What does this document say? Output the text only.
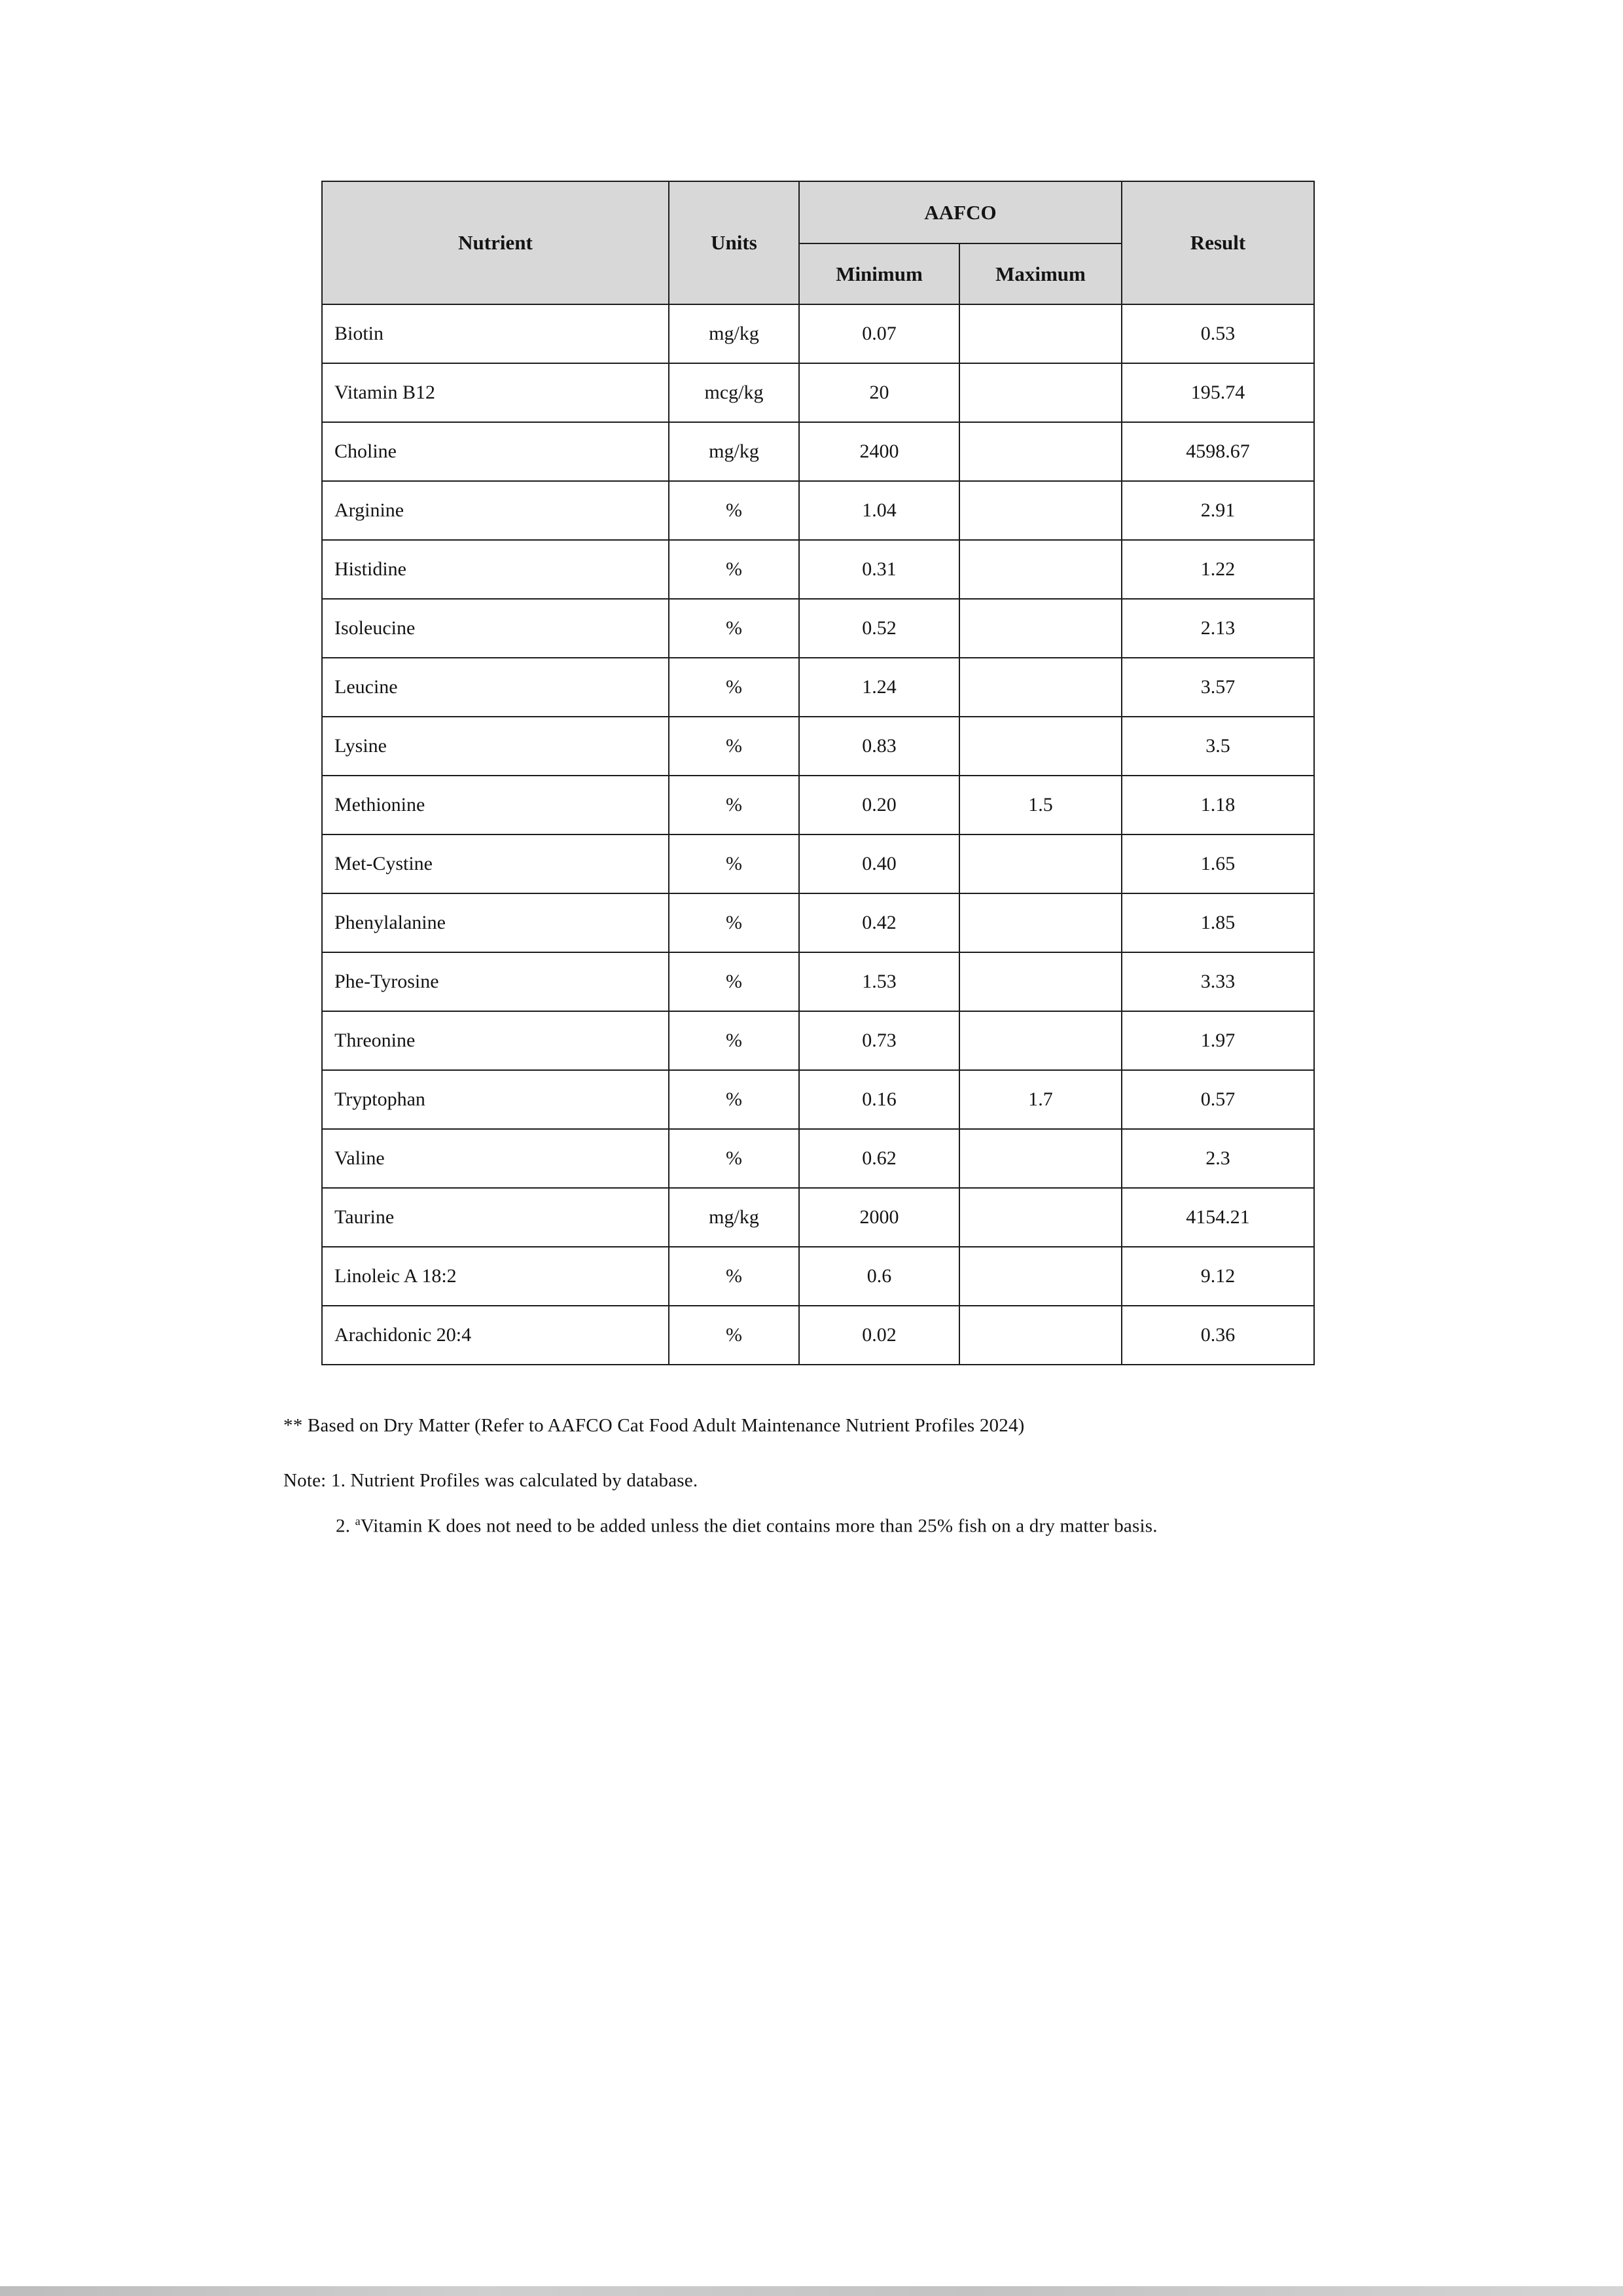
Nutrient	Units	AAFCO		Result
		Minimum	Maximum	
Biotin	mg/kg	0.07		0.53
Vitamin B12	mcg/kg	20		195.74
Choline	mg/kg	2400		4598.67
Arginine	%	1.04		2.91
Histidine	%	0.31		1.22
Isoleucine	%	0.52		2.13
Leucine	%	1.24		3.57
Lysine	%	0.83		3.5
Methionine	%	0.20	1.5	1.18
Met-Cystine	%	0.40		1.65
Phenylalanine	%	0.42		1.85
Phe-Tyrosine	%	1.53		3.33
Threonine	%	0.73		1.97
Tryptophan	%	0.16	1.7	0.57
Valine	%	0.62		2.3
Taurine	mg/kg	2000		4154.21
Linoleic A 18:2	%	0.6		9.12
Arachidonic 20:4	%	0.02		0.36
** Based on Dry Matter (Refer to AAFCO Cat Food Adult Maintenance Nutrient Profiles 2024)
Note: 1. Nutrient Profiles was calculated by database.
2. $^a$Vitamin K does not need to be added unless the diet contains more than 25% fish on a dry matter basis.
